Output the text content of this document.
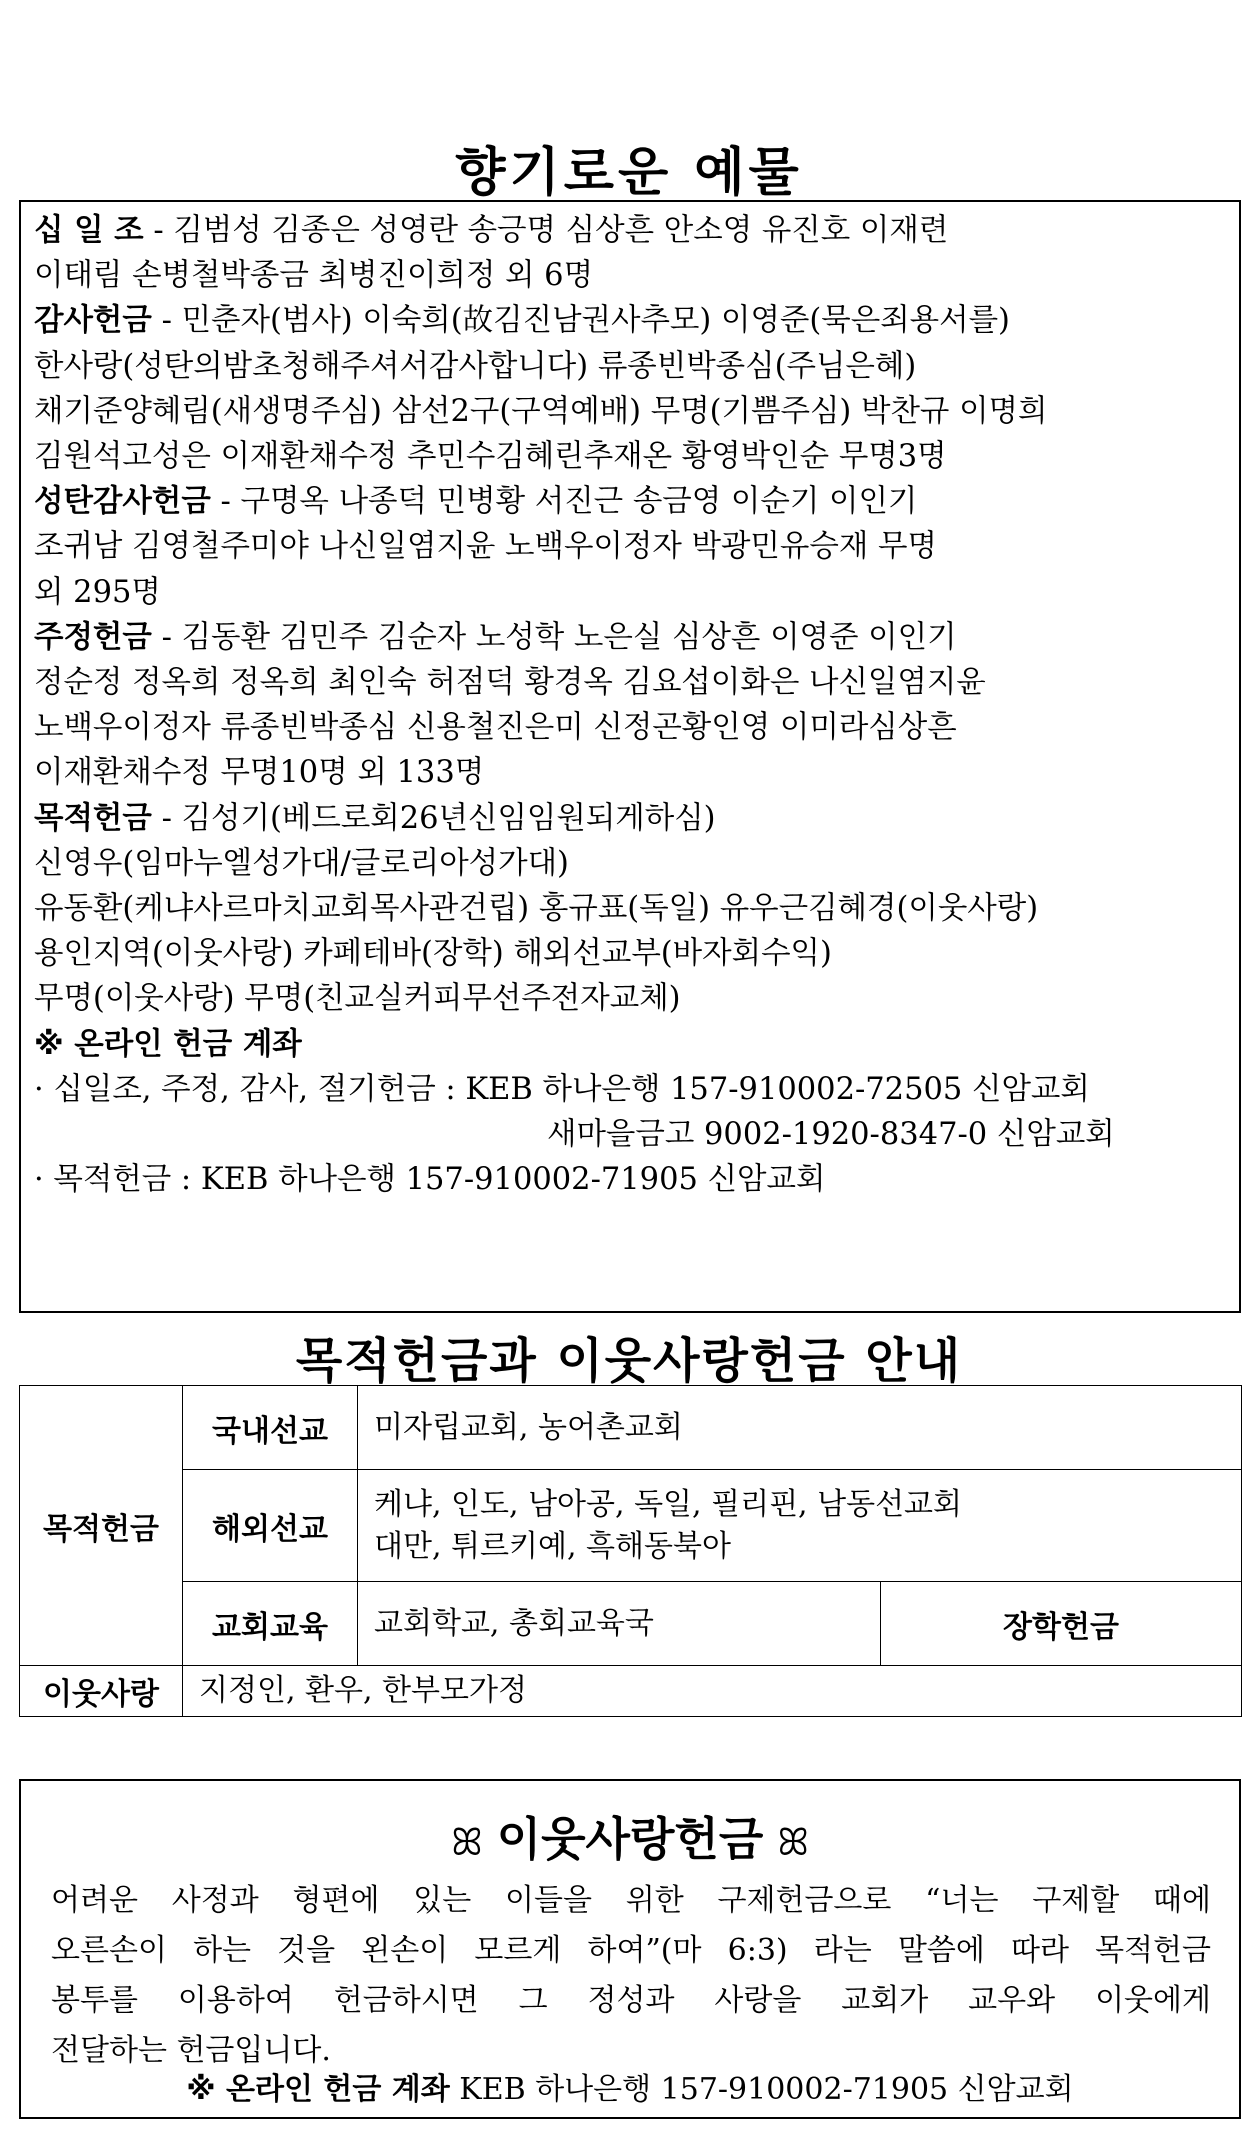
향기로운 예물
십 일 조 - 김범성 김종은 성영란 송긍명 심상흔 안소영 유진호 이재련
이태림 손병철박종금 최병진이희정 외 6명
감사헌금 - 민춘자(범사) 이숙희(故김진남권사추모) 이영준(묵은죄용서를)
한사랑(성탄의밤초청해주셔서감사합니다) 류종빈박종심(주님은혜)
채기준양혜림(새생명주심) 삼선2구(구역예배) 무명(기쁨주심) 박찬규 이명희
김원석고성은 이재환채수정 추민수김혜린추재온 황영박인순 무명3명
성탄감사헌금 - 구명옥 나종덕 민병황 서진근 송금영 이순기 이인기
조귀남 김영철주미야 나신일염지윤 노백우이정자 박광민유승재 무명
외 295명
주정헌금 - 김동환 김민주 김순자 노성학 노은실 심상흔 이영준 이인기
정순정 정옥희 정옥희 최인숙 허점덕 황경옥 김요섭이화은 나신일염지윤
노백우이정자 류종빈박종심 신용철진은미 신정곤황인영 이미라심상흔
이재환채수정 무명10명 외 133명
목적헌금 - 김성기(베드로회26년신임임원되게하심)
신영우(임마누엘성가대/글로리아성가대)
유동환(케냐사르마치교회목사관건립) 홍규표(독일) 유우근김혜경(이웃사랑)
용인지역(이웃사랑) 카페테바(장학) 해외선교부(바자회수익)
무명(이웃사랑) 무명(친교실커피무선주전자교체)
※ 온라인 헌금 계좌
· 십일조, 주정, 감사, 절기헌금 : KEB 하나은행 157-910002-72505 신암교회
새마을금고 9002-1920-8347-0 신암교회
· 목적헌금 : KEB 하나은행 157-910002-71905 신암교회
목적헌금과 이웃사랑헌금 안내
목적헌금	국내선교	미자립교회, 농어촌교회	
	해외선교	케냐, 인도, 남아공, 독일, 필리핀, 남동선교회
대만, 튀르키예, 흑해동북아	

	교회교육	교회학교, 총회교육국	장학헌금
이웃사랑	지정인, 환우, 한부모가정		
ꕤ 이웃사랑헌금 ꕤ
어려운 사정과 형편에 있는 이들을 위한 구제헌금으로 “너는 구제할 때에
오른손이 하는 것을 왼손이 모르게 하여”(마 6:3) 라는 말씀에 따라 목적헌금
봉투를 이용하여 헌금하시면 그 정성과 사랑을 교회가 교우와 이웃에게
전달하는 헌금입니다.
※ 온라인 헌금 계좌 KEB 하나은행 157-910002-71905 신암교회
